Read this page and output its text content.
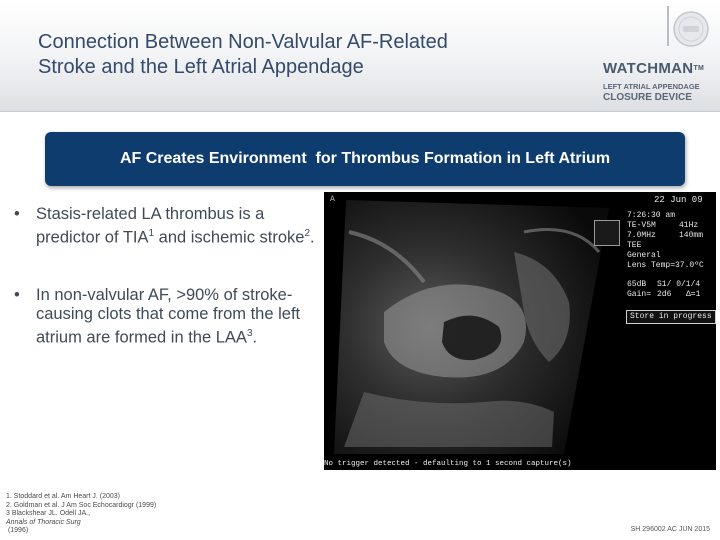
Connection Between Non-Valvular AF-Related
Stroke and the Left Atrial Appendage	WATCHMAN™
LEFT ATRIAL APPENDAGE
CLOSURE DEVICE
AF Creates Environment  for Thrombus Formation in Left Atrium
• Stasis-related LA thrombus is a predictor of TIA$^1$ and ischemic stroke$^2$.
• In non-valvular AF, >90% of stroke-causing clots that come from the left atrium are formed in the LAA$^3$.
A	22 Jun 09
7:26:30 am
TE-V5M	41Hz
7.0MHz	140mm
TEE
General
Lens Temp=37.0ºC
65dB S1/ 0/1/4
Gain= 2d6 Δ=1
Store in progress
No trigger detected - defaulting to 1 second capture(s)
1. Stoddard et al. Am Heart J. (2003)
2. Goldman et al. J Am Soc Echocardiogr (1999)
3 Blackshear JL. Odell JA.,
Annals of Thoracic Surg
(1996)	SH 296002 AC JUN 2015
